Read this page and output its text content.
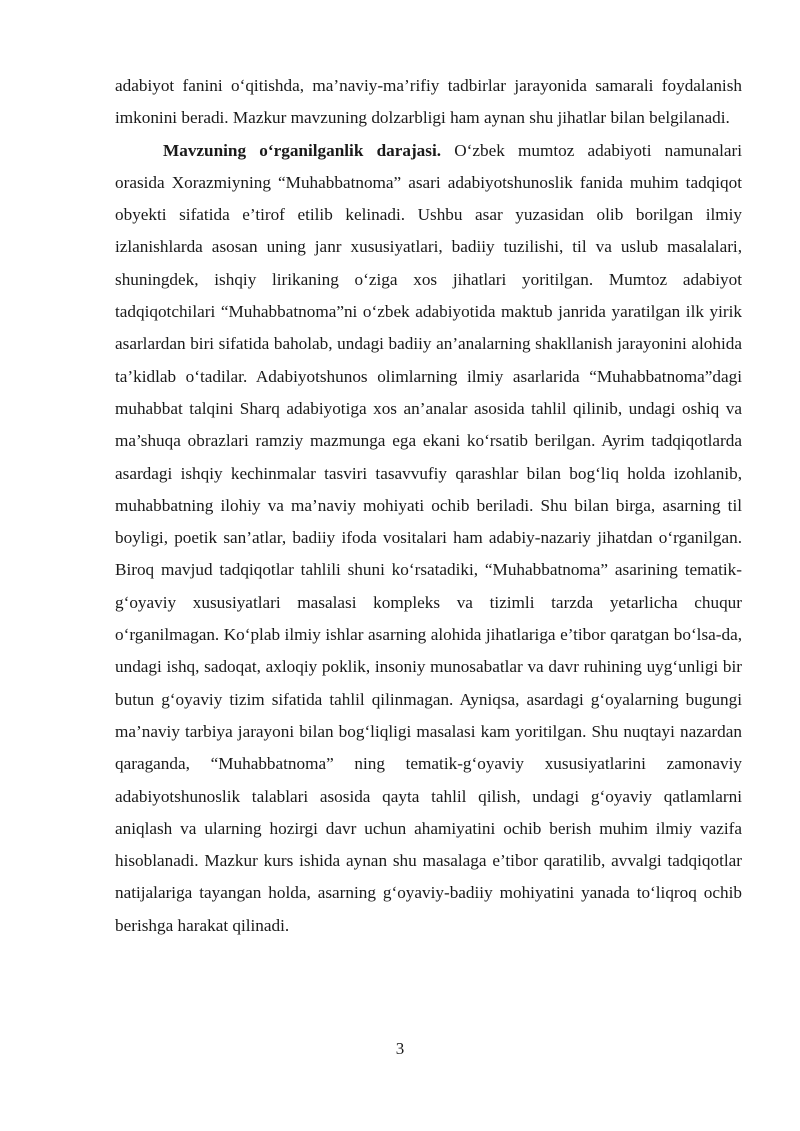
adabiyot fanini o‘qitishda, ma’naviy-ma’rifiy tadbirlar jarayonida samarali foydalanish imkonini beradi. Mazkur mavzuning dolzarbligi ham aynan shu jihatlar bilan belgilanadi.

Mavzuning o‘rganilganlik darajasi. O‘zbek mumtoz adabiyoti namunalari orasida Xorazmiyning “Muhabbatnoma” asari adabiyotshunoslik fanida muhim tadqiqot obyekti sifatida e’tirof etilib kelinadi. Ushbu asar yuzasidan olib borilgan ilmiy izlanishlarda asosan uning janr xususiyatlari, badiiy tuzilishi, til va uslub masalalari, shuningdek, ishqiy lirikaning o‘ziga xos jihatlari yoritilgan. Mumtoz adabiyot tadqiqotchilari “Muhabbatnoma”ni o‘zbek adabiyotida maktub janrida yaratilgan ilk yirik asarlardan biri sifatida baholab, undagi badiiy an’analarning shakllanish jarayonini alohida ta’kidlab o‘tadilar. Adabiyotshunos olimlarning ilmiy asarlarida “Muhabbatnoma”dagi muhabbat talqini Sharq adabiyotiga xos an’analar asosida tahlil qilinib, undagi oshiq va ma’shuqa obrazlari ramziy mazmunga ega ekani ko‘rsatib berilgan. Ayrim tadqiqotlarda asardagi ishqiy kechinmalar tasviri tasavvufiy qarashlar bilan bog‘liq holda izohlanib, muhabbatning ilohiy va ma’naviy mohiyati ochib beriladi. Shu bilan birga, asarning til boyligi, poetik san’atlar, badiiy ifoda vositalari ham adabiy-nazariy jihatdan o‘rganilgan. Biroq mavjud tadqiqotlar tahlili shuni ko‘rsatadiki, “Muhabbatnoma” asarining tematik-g‘oyaviy xususiyatlari masalasi kompleks va tizimli tarzda yetarlicha chuqur o‘rganilmagan. Ko‘plab ilmiy ishlar asarning alohida jihatlariga e’tibor qaratgan bo‘lsa-da, undagi ishq, sadoqat, axloqiy poklik, insoniy munosabatlar va davr ruhining uyg‘unligi bir butun g‘oyaviy tizim sifatida tahlil qilinmagan. Ayniqsa, asardagi g‘oyalarning bugungi ma’naviy tarbiya jarayoni bilan bog‘liqligi masalasi kam yoritilgan. Shu nuqtayi nazardan qaraganda, “Muhabbatnoma” ning tematik-g‘oyaviy xususiyatlarini zamonaviy adabiyotshunoslik talablari asosida qayta tahlil qilish, undagi g‘oyaviy qatlamlarni aniqlash va ularning hozirgi davr uchun ahamiyatini ochib berish muhim ilmiy vazifa hisoblanadi. Mazkur kurs ishida aynan shu masalaga e’tibor qaratilib, avvalgi tadqiqotlar natijalariga tayangan holda, asarning g‘oyaviy-badiiy mohiyatini yanada to‘liqroq ochib berishga harakat qilinadi.

3
